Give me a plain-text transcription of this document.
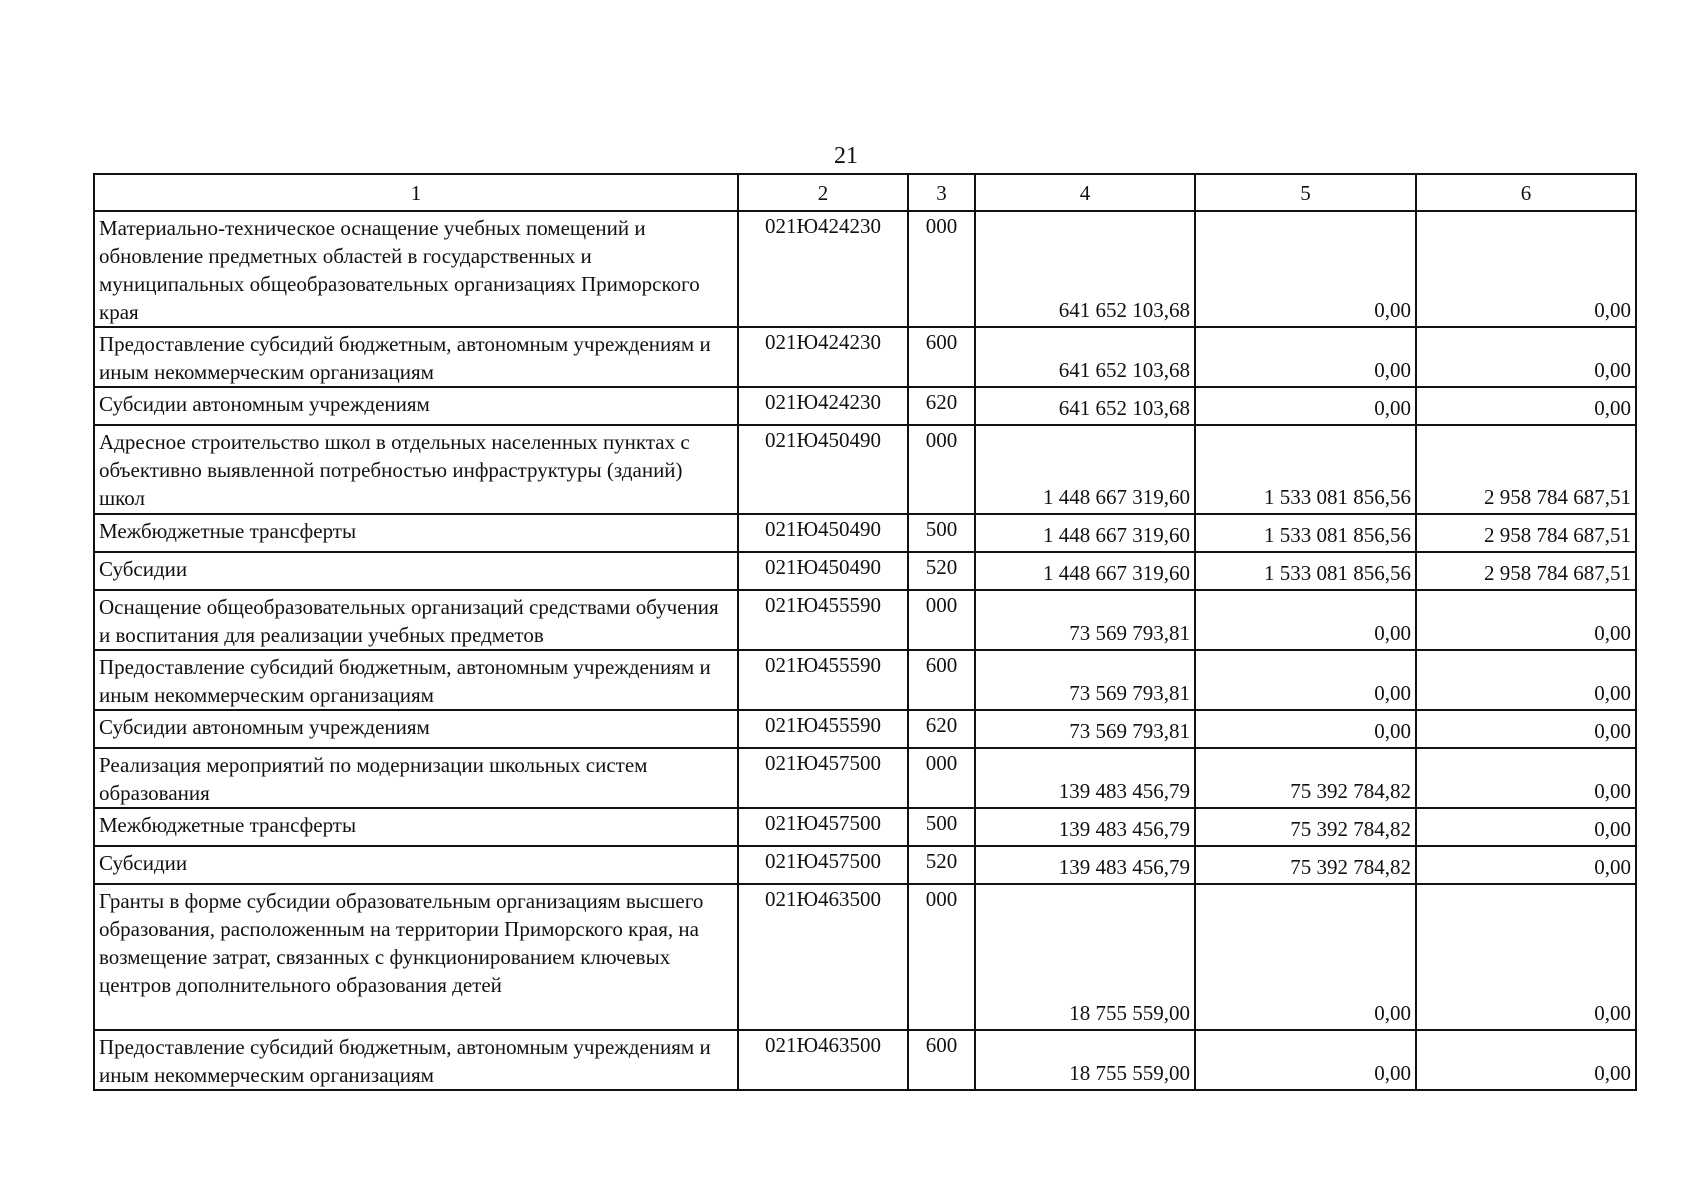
21
1	2	3	4	5	6
Материально-техническое оснащение учебных помещений и обновление предметных областей в государственных и муниципальных общеобразовательных организациях Приморского края	021Ю424230	000	641 652 103,68	0,00	0,00
Предоставление субсидий бюджетным, автономным учреждениям и иным некоммерческим организациям	021Ю424230	600	641 652 103,68	0,00	0,00
Субсидии автономным учреждениям	021Ю424230	620	641 652 103,68	0,00	0,00
Адресное строительство школ в отдельных населенных пунктах с объективно выявленной потребностью инфраструктуры (зданий) школ	021Ю450490	000	1 448 667 319,60	1 533 081 856,56	2 958 784 687,51
Межбюджетные трансферты	021Ю450490	500	1 448 667 319,60	1 533 081 856,56	2 958 784 687,51
Субсидии	021Ю450490	520	1 448 667 319,60	1 533 081 856,56	2 958 784 687,51
Оснащение общеобразовательных организаций средствами обучения и воспитания для реализации учебных предметов	021Ю455590	000	73 569 793,81	0,00	0,00
Предоставление субсидий бюджетным, автономным учреждениям и иным некоммерческим организациям	021Ю455590	600	73 569 793,81	0,00	0,00
Субсидии автономным учреждениям	021Ю455590	620	73 569 793,81	0,00	0,00
Реализация мероприятий по модернизации школьных систем образования	021Ю457500	000	139 483 456,79	75 392 784,82	0,00
Межбюджетные трансферты	021Ю457500	500	139 483 456,79	75 392 784,82	0,00
Субсидии	021Ю457500	520	139 483 456,79	75 392 784,82	0,00
Гранты в форме субсидии образовательным организациям высшего образования, расположенным на территории Приморского края, на возмещение затрат, связанных с функционированием ключевых центров дополнительного образования детей	021Ю463500	000	18 755 559,00	0,00	0,00
Предоставление субсидий бюджетным, автономным учреждениям и иным некоммерческим организациям	021Ю463500	600	18 755 559,00	0,00	0,00
